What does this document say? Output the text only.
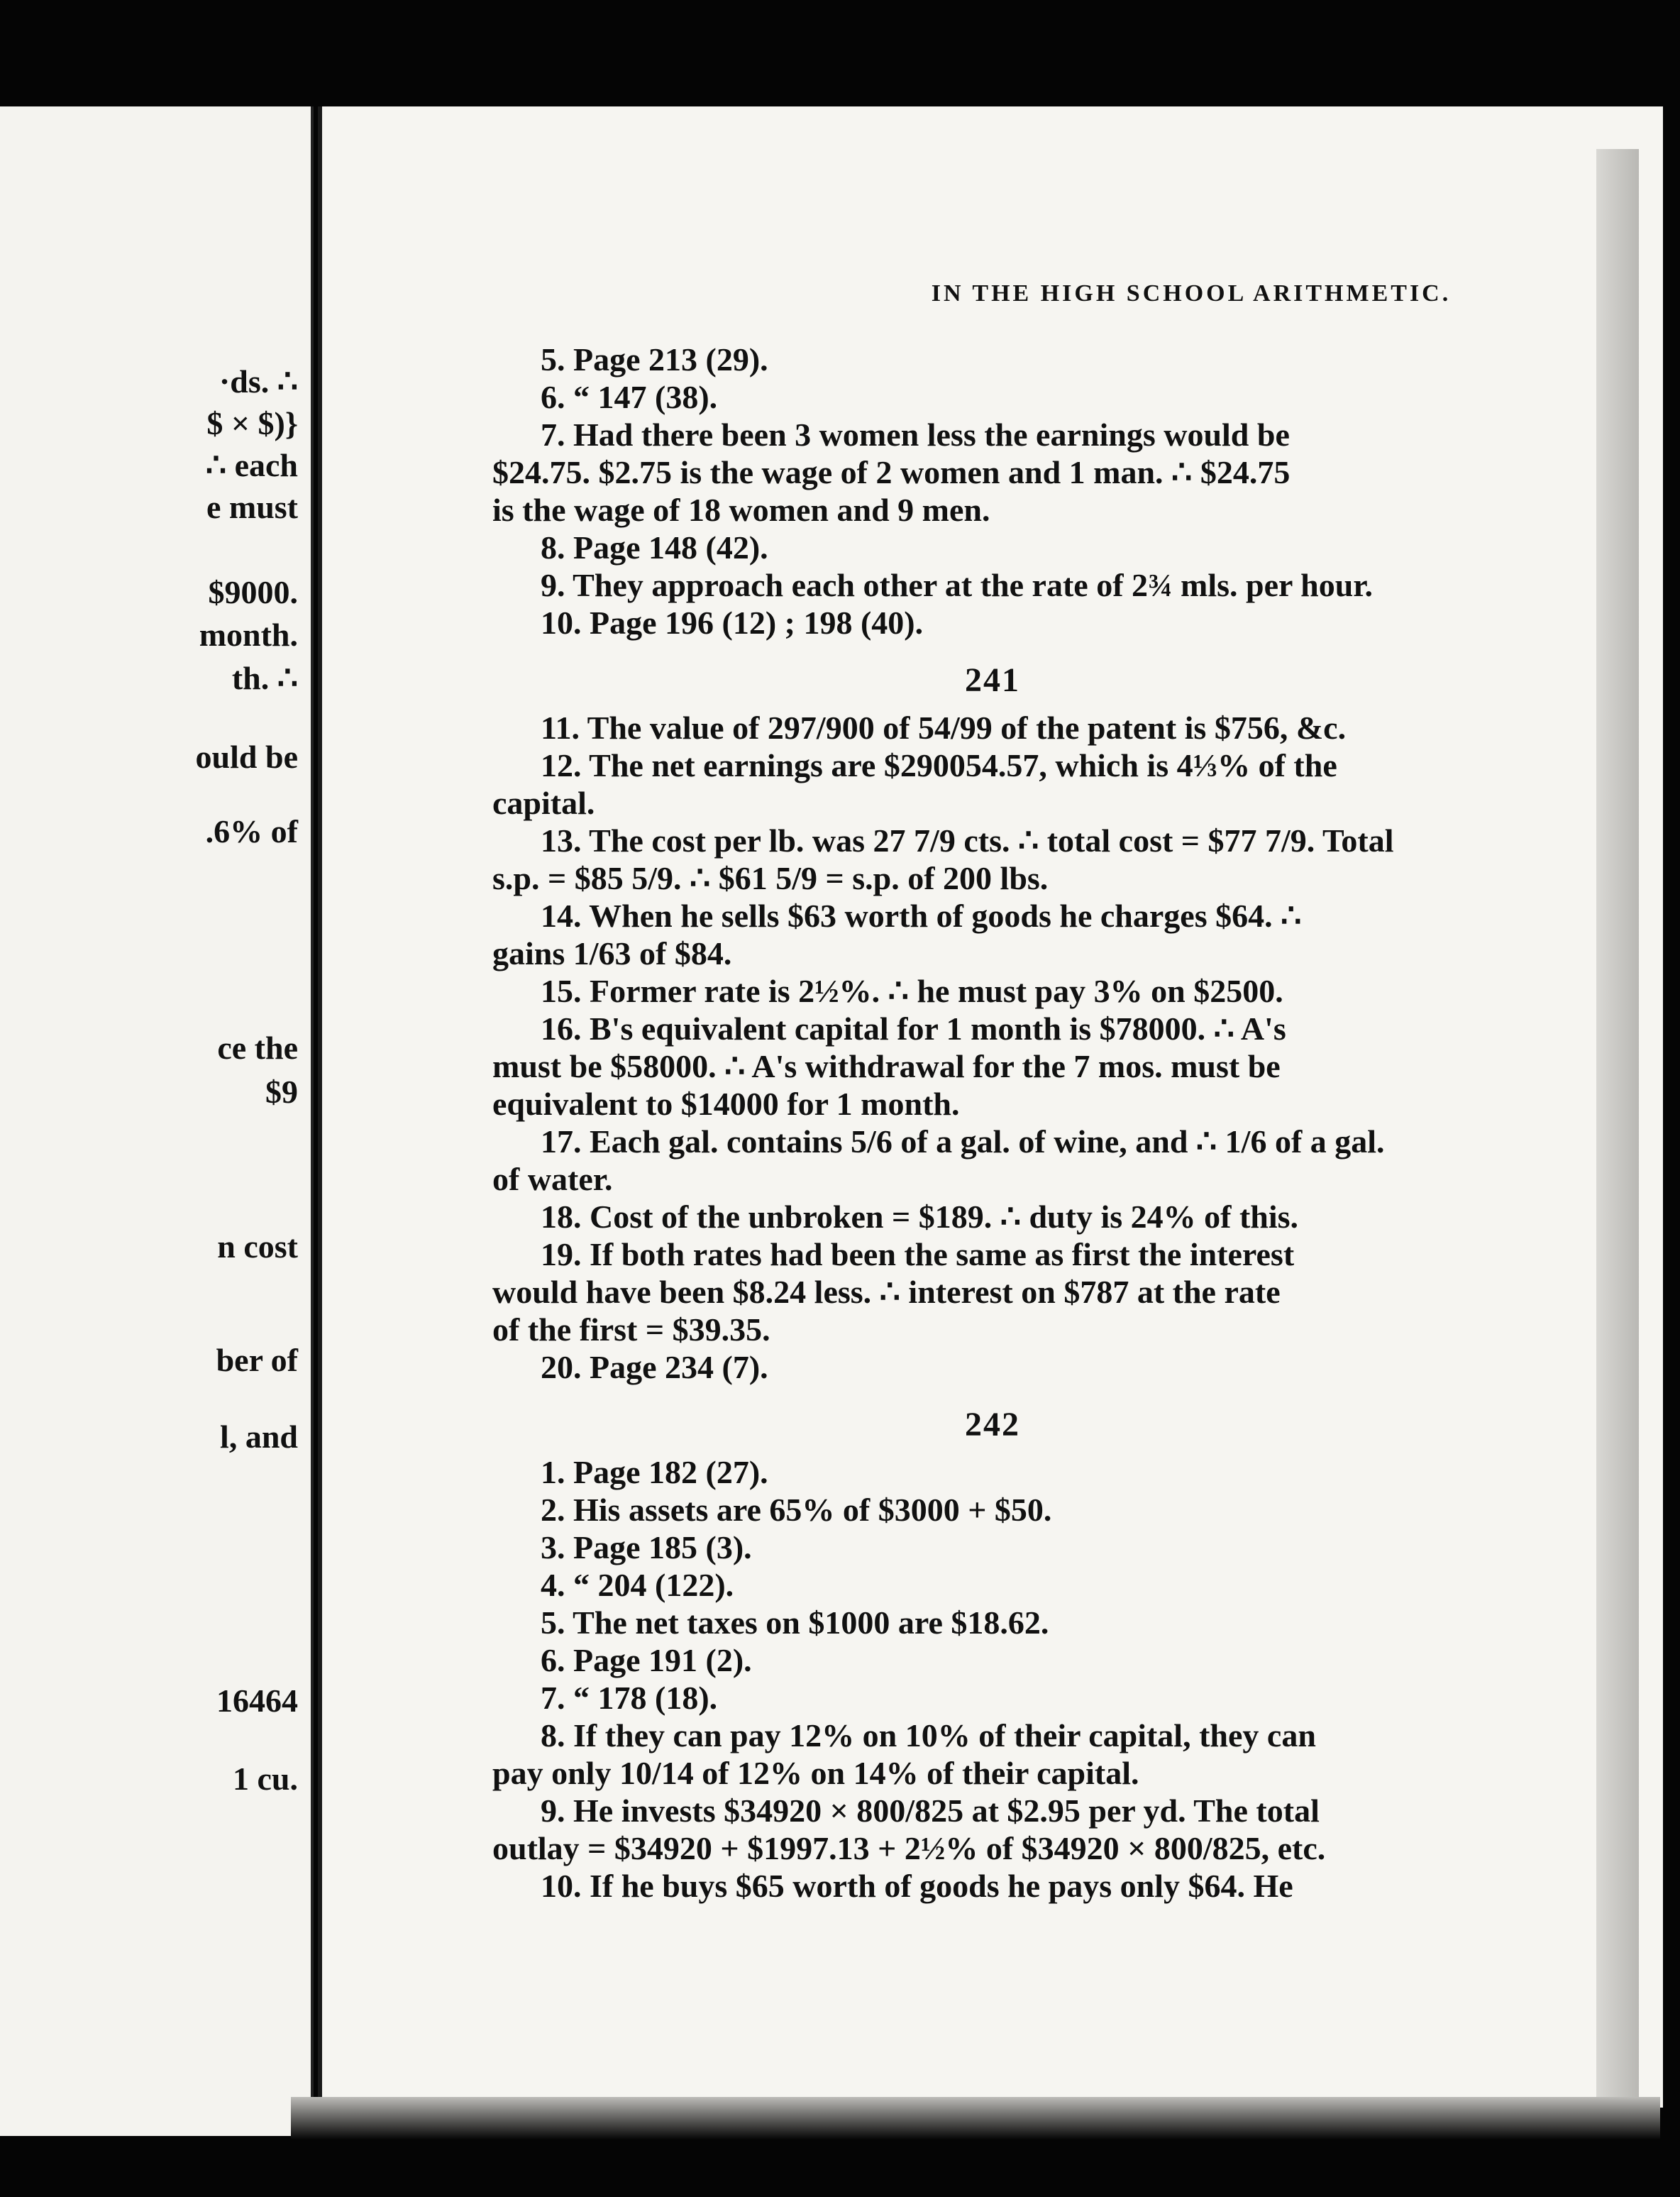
·ds. ∴
$ × $)}
∴ each
e must
$9000.
month.
th. ∴
ould be
.6% of
ce the
$9
n cost
ber of
l, and
16464
1 cu.
IN THE HIGH SCHOOL ARITHMETIC.
5. Page 213 (29).
6. “ 147 (38).
7. Had there been 3 women less the earnings would be
$24.75. $2.75 is the wage of 2 women and 1 man. ∴ $24.75
is the wage of 18 women and 9 men.
8. Page 148 (42).
9. They approach each other at the rate of 2¾ mls. per hour.
10. Page 196 (12) ; 198 (40).
241
11. The value of 297/900 of 54/99 of the patent is $756, &c.
12. The net earnings are $290054.57, which is 4⅓% of the
capital.
13. The cost per lb. was 27 7/9 cts. ∴ total cost = $77 7/9. Total
s.p. = $85 5/9. ∴ $61 5/9 = s.p. of 200 lbs.
14. When he sells $63 worth of goods he charges $64. ∴
gains 1/63 of $84.
15. Former rate is 2½%. ∴ he must pay 3% on $2500.
16. B's equivalent capital for 1 month is $78000. ∴ A's
must be $58000. ∴ A's withdrawal for the 7 mos. must be
equivalent to $14000 for 1 month.
17. Each gal. contains 5/6 of a gal. of wine, and ∴ 1/6 of a gal.
of water.
18. Cost of the unbroken = $189. ∴ duty is 24% of this.
19. If both rates had been the same as first the interest
would have been $8.24 less. ∴ interest on $787 at the rate
of the first = $39.35.
20. Page 234 (7).
242
1. Page 182 (27).
2. His assets are 65% of $3000 + $50.
3. Page 185 (3).
4. “ 204 (122).
5. The net taxes on $1000 are $18.62.
6. Page 191 (2).
7. “ 178 (18).
8. If they can pay 12% on 10% of their capital, they can
pay only 10/14 of 12% on 14% of their capital.
9. He invests $34920 × 800/825 at $2.95 per yd. The total
outlay = $34920 + $1997.13 + 2½% of $34920 × 800/825, etc.
10. If he buys $65 worth of goods he pays only $64. He
